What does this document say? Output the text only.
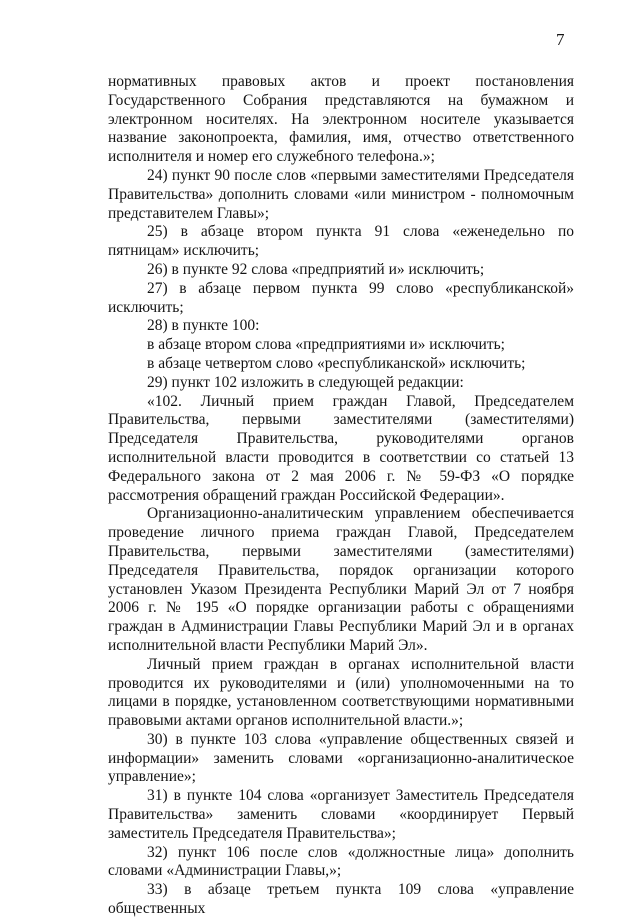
7

нормативных правовых актов и проект постановления Государственного Собрания представляются на бумажном и электронном носителях. На электронном носителе указывается название законопроекта, фамилия, имя, отчество ответственного исполнителя и номер его служебного телефона.»;

24) пункт 90 после слов «первыми заместителями Председателя Правительства» дополнить словами «или министром - полномочным представителем Главы»;

25) в абзаце втором пункта 91 слова «еженедельно по пятницам» исключить;

26) в пункте 92 слова «предприятий и» исключить;

27) в абзаце первом пункта 99 слово «республиканской» исключить;

28) в пункте 100:

в абзаце втором слова «предприятиями и» исключить;

в абзаце четвертом слово «республиканской» исключить;

29) пункт 102 изложить в следующей редакции:

«102. Личный прием граждан Главой, Председателем Правительства, первыми заместителями (заместителями) Председателя Правительства, руководителями органов исполнительной власти проводится в соответствии со статьей 13 Федерального закона от 2 мая 2006 г. № 59-ФЗ «О порядке рассмотрения обращений граждан Российской Федерации».

Организационно-аналитическим управлением обеспечивается проведение личного приема граждан Главой, Председателем Правительства, первыми заместителями (заместителями) Председателя Правительства, порядок организации которого установлен Указом Президента Республики Марий Эл от 7 ноября 2006 г. № 195 «О порядке организации работы с обращениями граждан в Администрации Главы Республики Марий Эл и в органах исполнительной власти Республики Марий Эл».

Личный прием граждан в органах исполнительной власти проводится их руководителями и (или) уполномоченными на то лицами в порядке, установленном соответствующими нормативными правовыми актами органов исполнительной власти.»;

30) в пункте 103 слова «управление общественных связей и информации» заменить словами «организационно-аналитическое управление»;

31) в пункте 104 слова «организует Заместитель Председателя Правительства» заменить словами «координирует Первый заместитель Председателя Правительства»;

32) пункт 106 после слов «должностные лица» дополнить словами «Администрации Главы,»;

33) в абзаце третьем пункта 109 слова «управление общественных
